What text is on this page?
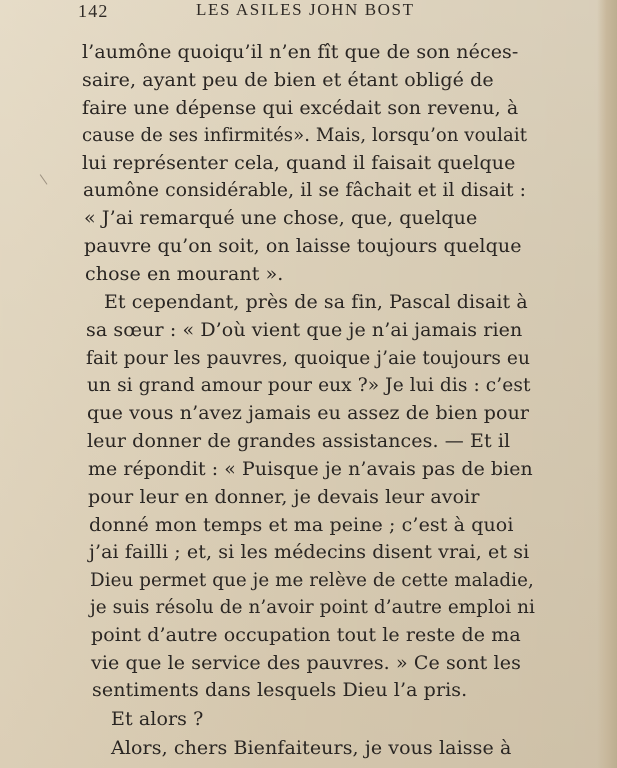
142	LES ASILES JOHN BOST
l’aumône quoiqu’il n’en fît que de son néces-
saire, ayant peu de bien et étant obligé de
faire une dépense qui excédait son revenu, à
cause de ses infirmités». Mais, lorsqu’on voulait
lui représenter cela, quand il faisait quelque
aumône considérable, il se fâchait et il disait :
« J’ai remarqué une chose, que, quelque
pauvre qu’on soit, on laisse toujours quelque
chose en mourant ».
Et cependant, près de sa fin, Pascal disait à
sa sœur : « D’où vient que je n’ai jamais rien
fait pour les pauvres, quoique j’aie toujours eu
un si grand amour pour eux ?» Je lui dis : c’est
que vous n’avez jamais eu assez de bien pour
leur donner de grandes assistances. — Et il
me répondit : « Puisque je n’avais pas de bien
pour leur en donner, je devais leur avoir
donné mon temps et ma peine ; c’est à quoi
j’ai failli ; et, si les médecins disent vrai, et si
Dieu permet que je me relève de cette maladie,
je suis résolu de n’avoir point d’autre emploi ni
point d’autre occupation tout le reste de ma
vie que le service des pauvres. » Ce sont les
sentiments dans lesquels Dieu l’a pris.
Et alors ?
Alors, chers Bienfaiteurs, je vous laisse à
